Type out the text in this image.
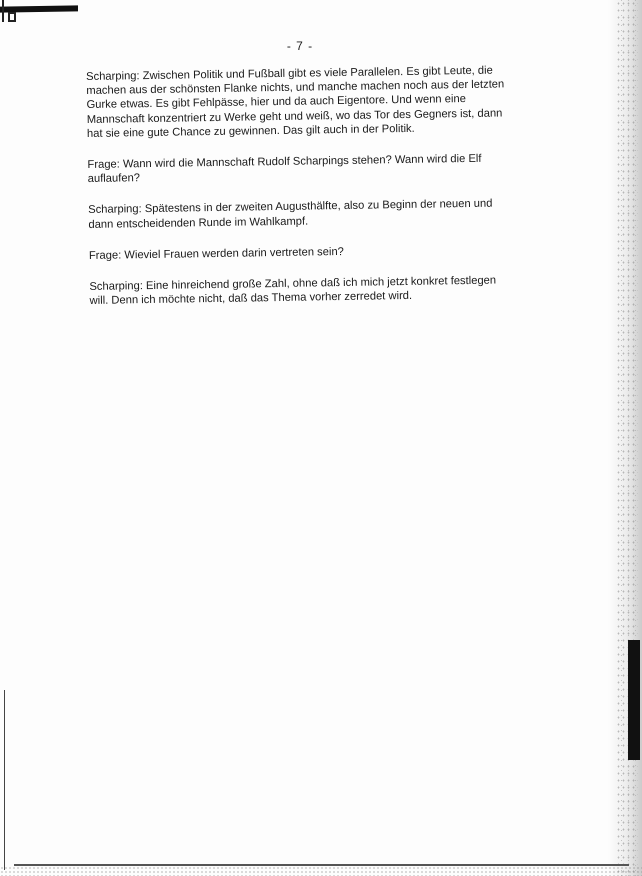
- 7 -

Scharping: Zwischen Politik und Fußball gibt es viele Parallelen. Es gibt Leute, die
machen aus der schönsten Flanke nichts, und manche machen noch aus der letzten
Gurke etwas. Es gibt Fehlpässe, hier und da auch Eigentore. Und wenn eine
Mannschaft konzentriert zu Werke geht und weiß, wo das Tor des Gegners ist, dann
hat sie eine gute Chance zu gewinnen. Das gilt auch in der Politik.

Frage: Wann wird die Mannschaft Rudolf Scharpings stehen? Wann wird die Elf
auflaufen?

Scharping: Spätestens in der zweiten Augusthälfte, also zu Beginn der neuen und
dann entscheidenden Runde im Wahlkampf.

Frage: Wieviel Frauen werden darin vertreten sein?

Scharping: Eine hinreichend große Zahl, ohne daß ich mich jetzt konkret festlegen
will. Denn ich möchte nicht, daß das Thema vorher zerredet wird.
